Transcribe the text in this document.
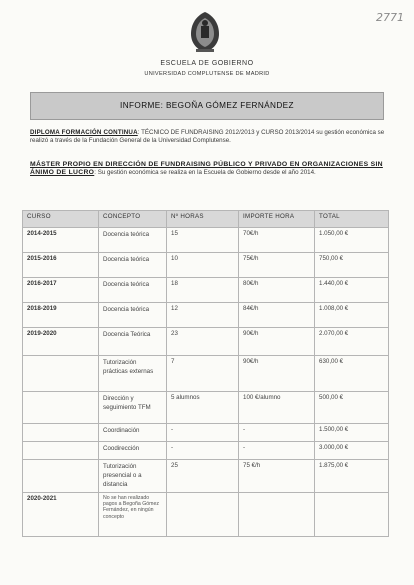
2771
ESCUELA DE GOBIERNO
UNIVERSIDAD COMPLUTENSE DE MADRID
INFORME: BEGOÑA GÓMEZ FERNÁNDEZ
DIPLOMA FORMACIÓN CONTINUA: TÉCNICO DE FUNDRAISING 2012/2013 y CURSO 2013/2014 su gestión económica se realizó a través de la Fundación General de la Universidad Complutense.
MÁSTER PROPIO EN DIRECCIÓN DE FUNDRAISING PÚBLICO Y PRIVADO EN ORGANIZACIONES SIN ÁNIMO DE LUCRO: Su gestión económica se realiza en la Escuela de Gobierno desde el año 2014.
CURSO	CONCEPTO	Nº HORAS	IMPORTE HORA	TOTAL
2014-2015	Docencia teórica	15	70€/h	1.050,00 €
2015-2016	Docencia teórica	10	75€/h	750,00 €
2016-2017	Docencia teórica	18	80€/h	1.440,00 €
2018-2019	Docencia teórica	12	84€/h	1.008,00 €
2019-2020	Docencia Teórica	23	90€/h	2.070,00 €
	Tutorización prácticas externas	7	90€/h	630,00 €
	Dirección y seguimiento TFM	5 alumnos	100 €/alumno	500,00 €
	Coordinación	-	-	1.500,00 €
	Coodirección	-	-	3.000,00 €
	Tutorización presencial o a distancia	25	75 €/h	1.875,00 €
2020-2021	No se han realizado pagos a Begoña Gómez Fernández, en ningún concepto			
